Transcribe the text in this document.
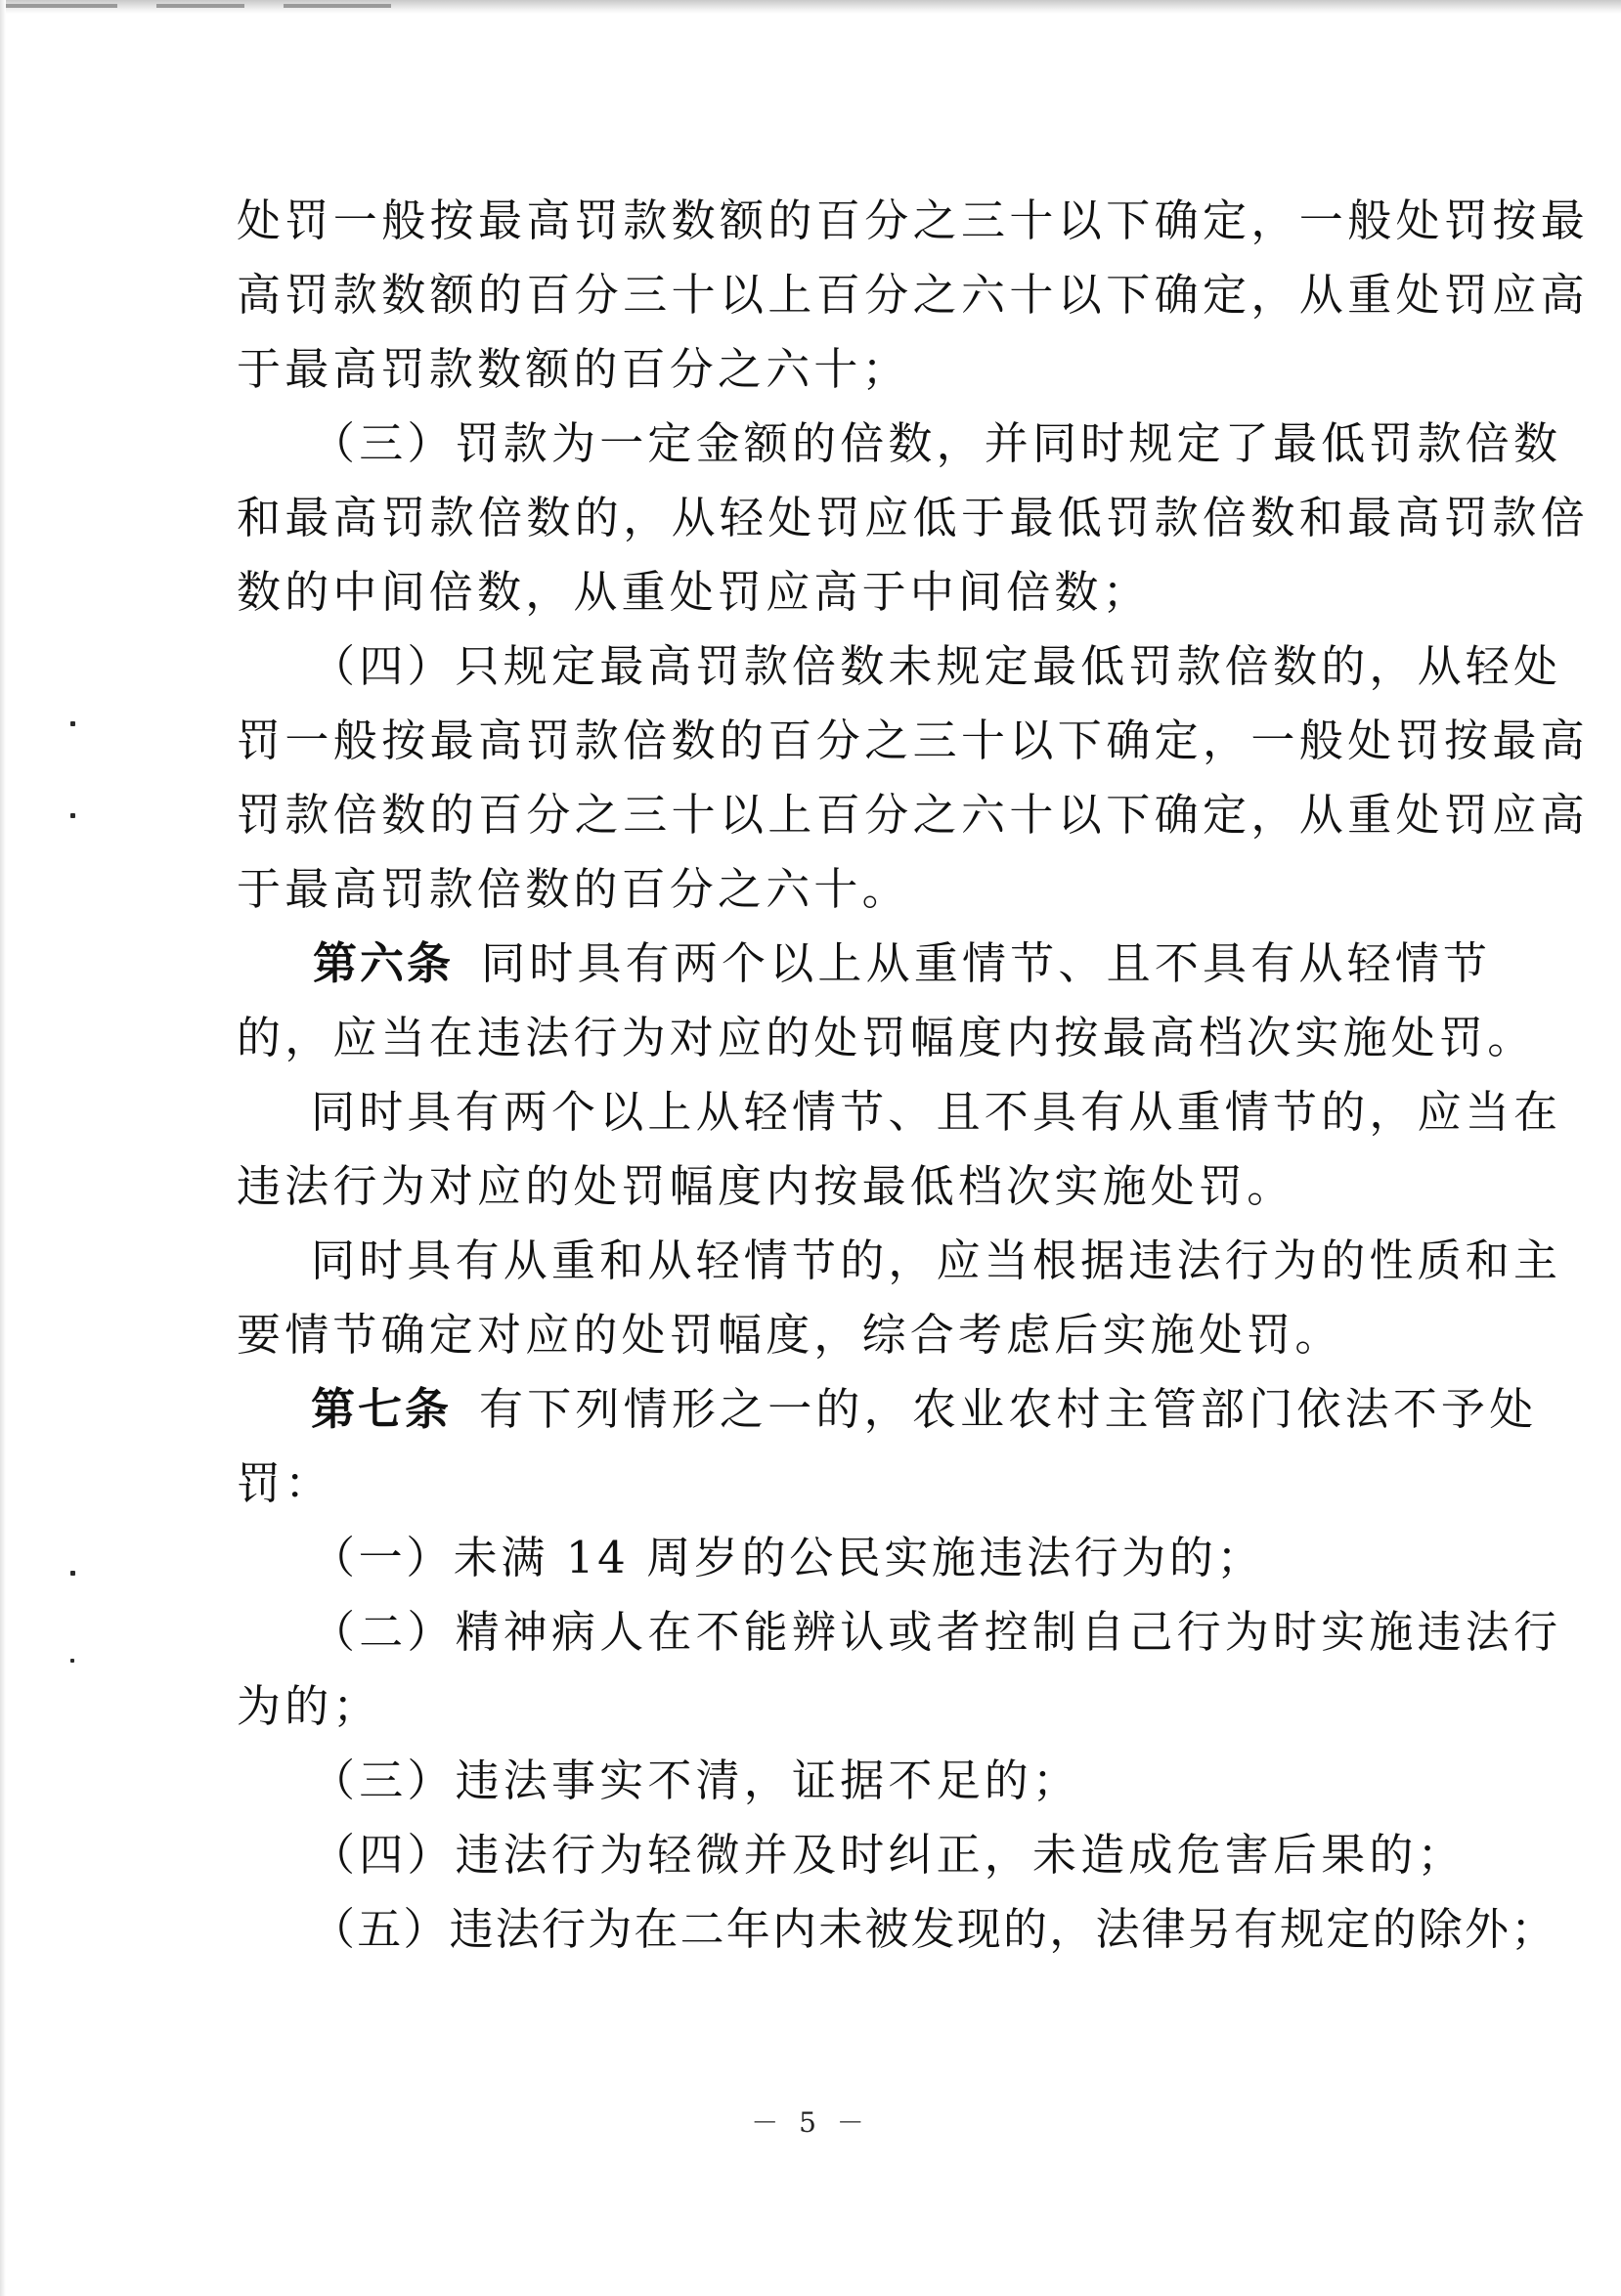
处罚一般按最高罚款数额的百分之三十以下确定，一般处罚按最
高罚款数额的百分三十以上百分之六十以下确定，从重处罚应高
于最高罚款数额的百分之六十；
（三）罚款为一定金额的倍数，并同时规定了最低罚款倍数
和最高罚款倍数的，从轻处罚应低于最低罚款倍数和最高罚款倍
数的中间倍数，从重处罚应高于中间倍数；
（四）只规定最高罚款倍数未规定最低罚款倍数的，从轻处
罚一般按最高罚款倍数的百分之三十以下确定，一般处罚按最高
罚款倍数的百分之三十以上百分之六十以下确定，从重处罚应高
于最高罚款倍数的百分之六十。
第六条 同时具有两个以上从重情节、且不具有从轻情节
的，应当在违法行为对应的处罚幅度内按最高档次实施处罚。
同时具有两个以上从轻情节、且不具有从重情节的，应当在
违法行为对应的处罚幅度内按最低档次实施处罚。
同时具有从重和从轻情节的，应当根据违法行为的性质和主
要情节确定对应的处罚幅度，综合考虑后实施处罚。
第七条 有下列情形之一的，农业农村主管部门依法不予处
罚：
（一）未满 14 周岁的公民实施违法行为的；
（二）精神病人在不能辨认或者控制自己行为时实施违法行
为的；
（三）违法事实不清，证据不足的；
（四）违法行为轻微并及时纠正，未造成危害后果的；
（五）违法行为在二年内未被发现的，法律另有规定的除外；
－ 5 －
